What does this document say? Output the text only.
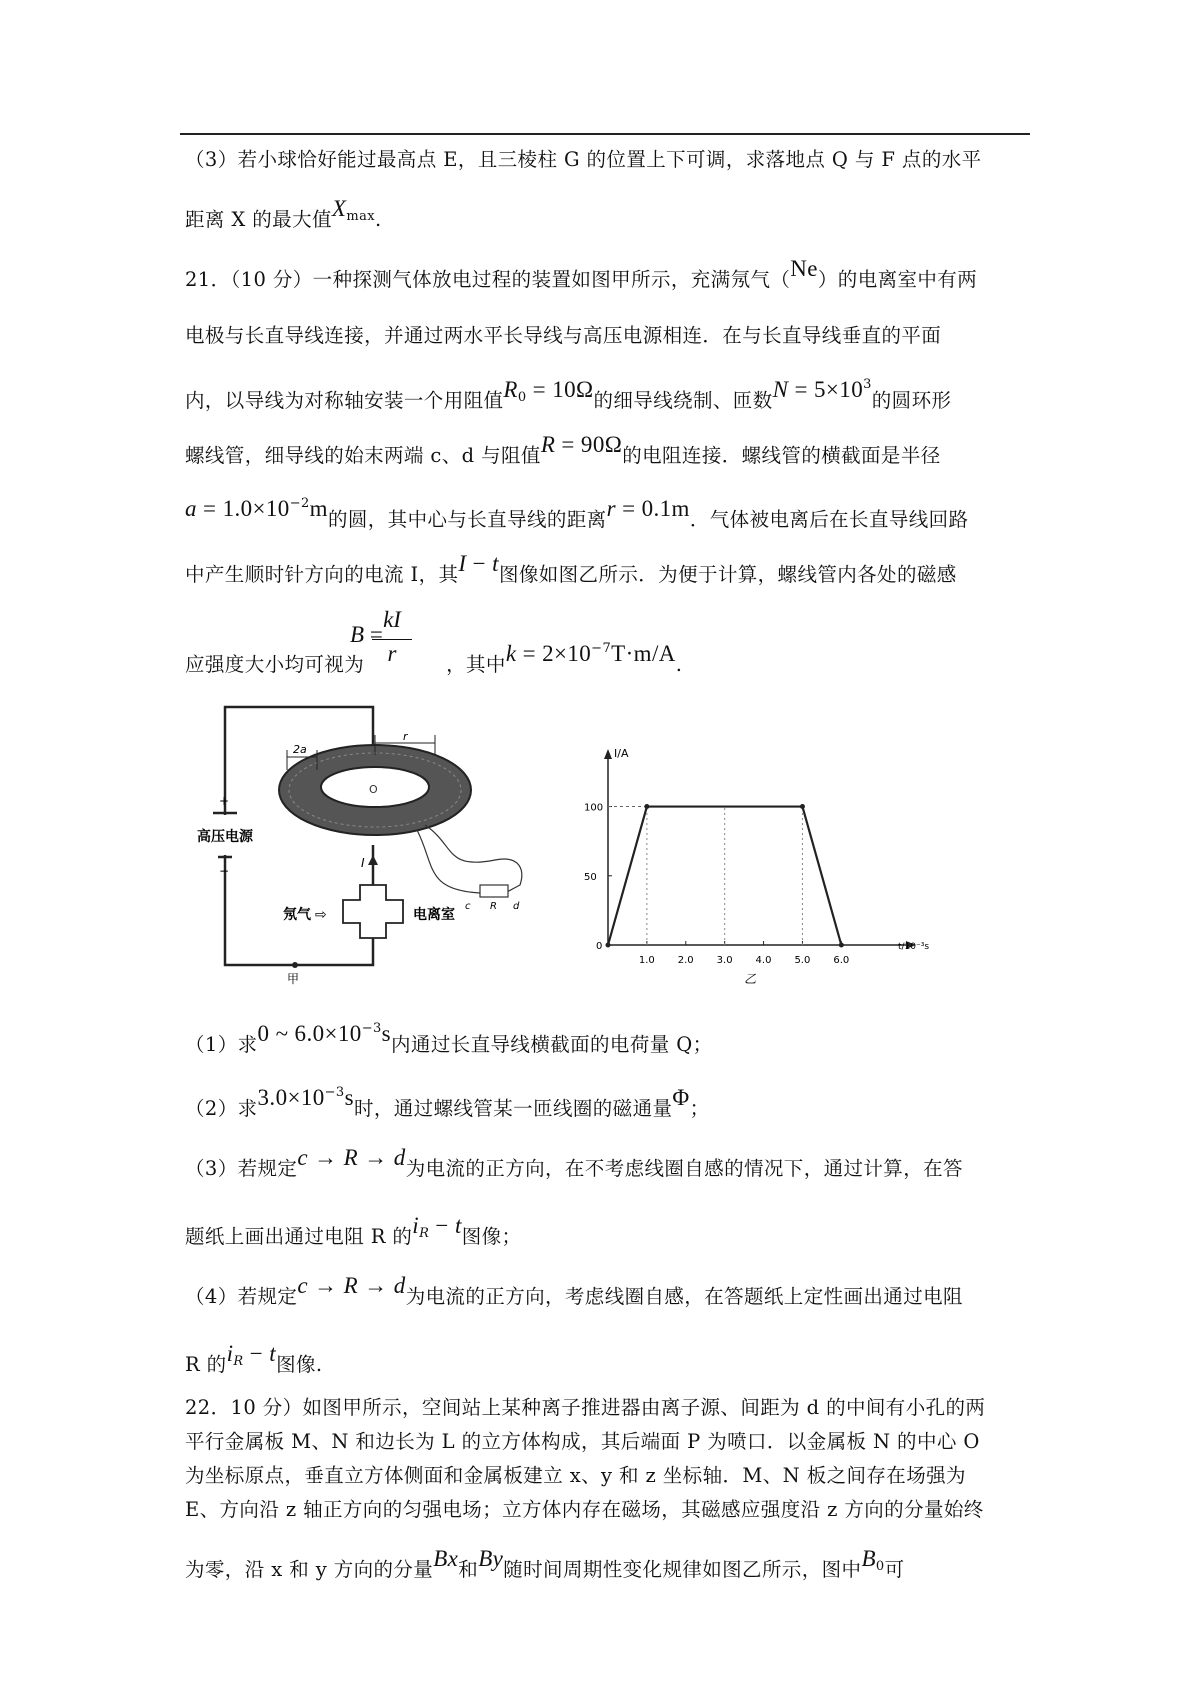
（3）若小球恰好能过最高点 E，且三棱柱 G 的位置上下可调，求落地点 Q 与 F 点的水平
距离 X 的最大值$X_{max}$.
21．（10 分）一种探测气体放电过程的装置如图甲所示，充满氖气（Ne）的电离室中有两
电极与长直导线连接，并通过两水平长导线与高压电源相连．在与长直导线垂直的平面
内，以导线为对称轴安装一个用阻值$R_0 = 10\Omega$的细导线绕制、匝数$N = 5\times 10^3$的圆环形
螺线管，细导线的始末两端 c、d 与阻值R = 90Ω的电阻连接．螺线管的横截面是半径
$a = 1.0\times 10^{-2}m$的圆，其中心与长直导线的距离r = 0.1m．气体被电离后在长直导线回路
中产生顺时针方向的电流 I，其I − t图像如图乙所示．为便于计算，螺线管内各处的磁感
应强度大小均可视为	，其中$k = 2\times 10^{-7}T\cdot m/A$.
B =
kI
r
高压电源
+
−
O
2a
r
R
c	d
I
电离室
氖气 ⇨
甲
I/A
t/10⁻³s
0
1.0 2.0 3.0 4.0 5.0 6.0
50
100
乙
（1）求0 ~ $6.0\times 10^{-3}s$内通过长直导线横截面的电荷量 Q；
（2）求$3.0\times 10^{-3}s$时，通过螺线管某一匝线圈的磁通量Φ；
（3）若规定c → R → d为电流的正方向，在不考虑线圈自感的情况下，通过计算，在答
题纸上画出通过电阻 R 的$i_R - t$图像；
（4）若规定c → R → d为电流的正方向，考虑线圈自感，在答题纸上定性画出通过电阻
R 的$i_R - t$图像.
22．10 分）如图甲所示，空间站上某种离子推进器由离子源、间距为 d 的中间有小孔的两
平行金属板 M、N 和边长为 L 的立方体构成，其后端面 P 为喷口．以金属板 N 的中心 O
为坐标原点，垂直立方体侧面和金属板建立 x、y 和 z 坐标轴．M、N 板之间存在场强为
E、方向沿 z 轴正方向的匀强电场；立方体内存在磁场，其磁感应强度沿 z 方向的分量始终
为零，沿 x 和 y 方向的分量Bx和By随时间周期性变化规律如图乙所示，图中$B_0$可
